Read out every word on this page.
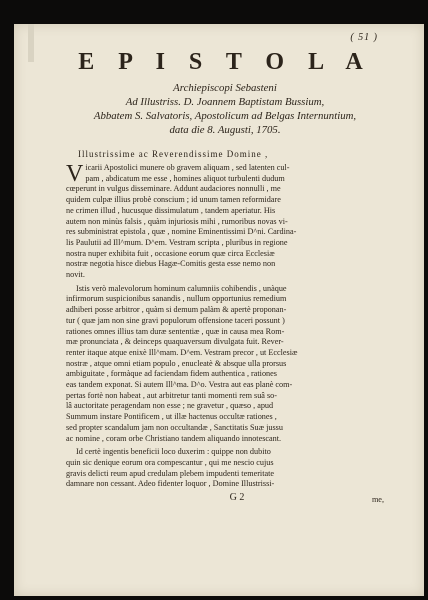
( 51 )
E P I S T O L A
Archiepiscopi Sebasteni
Ad Illustriss. D. Joannem Baptistam Bussium,
Abbatem S. Salvatoris, Apostolicum ad Belgas Internuntium,
data die 8. Augusti, 1705.
Illustrissime ac Reverendissime Domine ,
V icarii Apostolici munere ob gravem aliquam , sed latenten cul-
pam , abdicatum me esse , homines aliquot turbulenti dudum
cœperunt in vulgus disseminare. Addunt audaciores nonnulli , me
quidem culpæ illius probè conscium ; id unum tamen reformidare
ne crimen illud , hucusque dissimulatum , tandem aperiatur. His
autem non minùs falsis , quàm injuriosis mihi , rumoribus novas vi-
res subministrat epistola , quæ , nomine Eminentissimi D^ni. Cardina-
lis Paulutii ad Ill^mum. D^em. Vestram scripta , pluribus in regione
nostra nuper exhibita fuit , occasione eorum quæ circa Ecclesiæ
nostræ negotia hisce diebus Hagæ-Comitis gesta esse nemo non
novit.
Istis verò malevolorum hominum calumniis cohibendis , unàque
infirmorum suspicionibus sanandis , nullum opportunius remedium
adhiberi posse arbitror , quàm si demum palàm & apertè proponan-
tur ( quæ jam non sine gravi populorum offensione taceri possunt )
rationes omnes illius tam duræ sententiæ , quæ in causa mea Rom-
mæ pronunciata , & deinceps quaquaversum divulgata fuit. Rever-
renter itaque atque enixè Ill^mam. D^em. Vestram precor , ut Ecclesiæ
nostræ , atque omni etiam populo , enucleatè & absque ulla prorsus
ambiguitate , formàque ad faciendam fidem authentica , rationes
eas tandem exponat. Si autem Ill^ma. D^o. Vestra aut eas planè com-
pertas fortè non habeat , aut arbitretur tanti momenti rem suâ so-
lâ auctoritate peragendam non esse ; ne gravetur , quæso , apud
Summum instare Pontificem , ut illæ hactenus occultæ rationes ,
sed propter scandalum jam non occultandæ , Sanctitatis Suæ jussu
ac nomine , coram orbe Christiano tandem aliquando innotescant.
Id certè ingentis beneficii loco duxerim : quippe non dubito
quin sic denique eorum ora compescantur , qui me nescio cujus
gravis delicti reum apud credulam plebem impudenti temeritate
damnare non cessant. Adeo fidenter loquor , Domine Illustrissi-
G 2	me,
